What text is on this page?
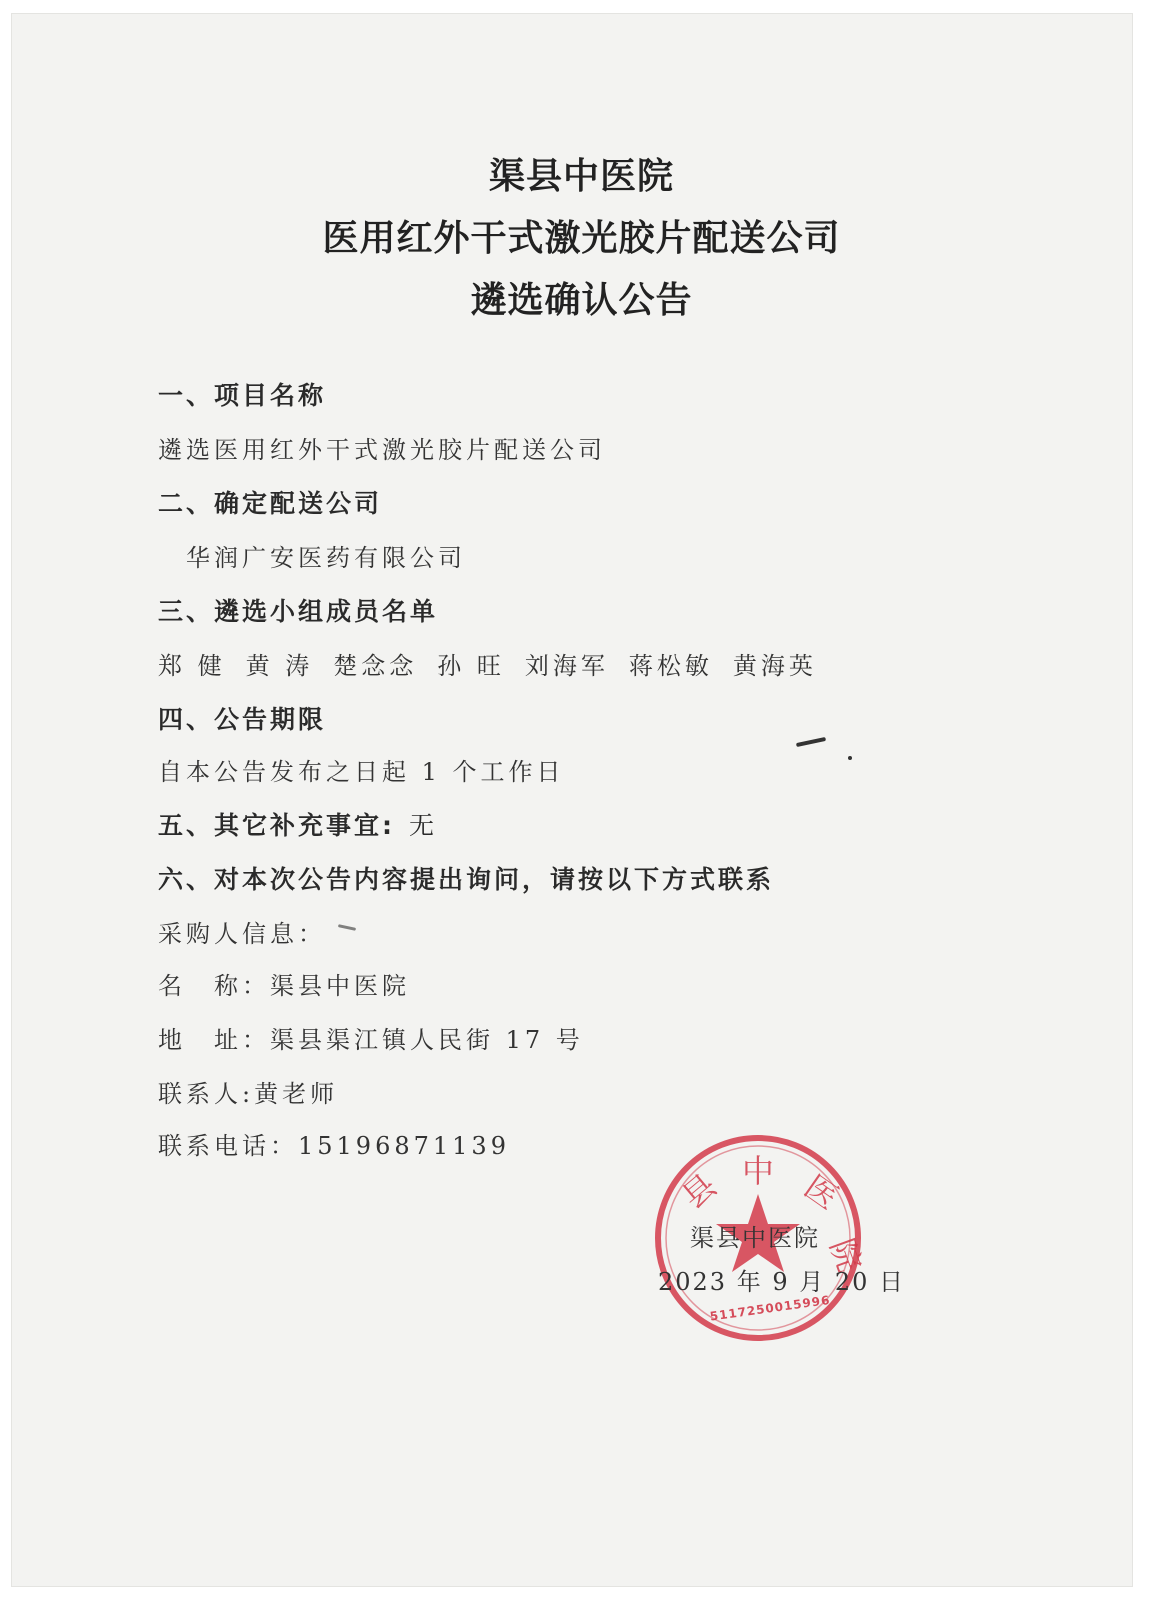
渠县中医院
医用红外干式激光胶片配送公司
遴选确认公告
一、项目名称
遴选医用红外干式激光胶片配送公司
二、确定配送公司
华润广安医药有限公司
三、遴选小组成员名单
郑 健 黄 涛 楚念念 孙 旺 刘海军 蒋松敏 黄海英
四、公告期限
自本公告发布之日起 1 个工作日
五、其它补充事宜: 无
六、对本次公告内容提出询问，请按以下方式联系
采购人信息：
名　称：渠县中医院
地　址：渠县渠江镇人民街 17 号
联系人:黄老师
联系电话：15196871139
县 中 医
院
5117250015996
渠县中医院
2023 年 9 月 20 日
